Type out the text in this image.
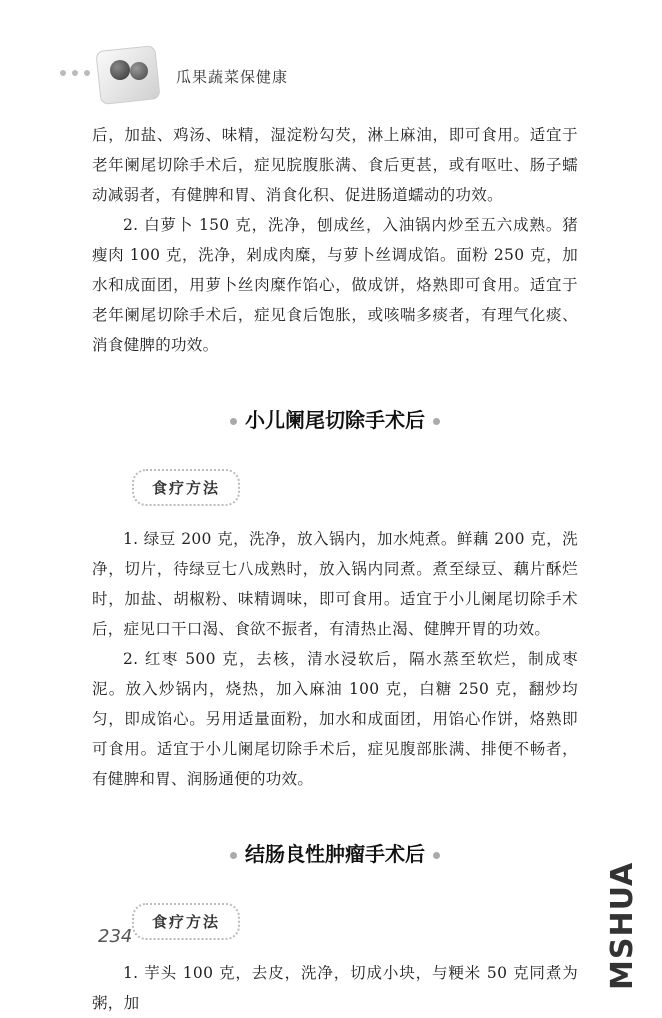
瓜果蔬菜保健康

后，加盐、鸡汤、味精，湿淀粉勾芡，淋上麻油，即可食用。适宜于老年阑尾切除手术后，症见脘腹胀满、食后更甚，或有呕吐、肠子蠕动减弱者，有健脾和胃、消食化积、促进肠道蠕动的功效。

2. 白萝卜 150 克，洗净，刨成丝，入油锅内炒至五六成熟。猪瘦肉 100 克，洗净，剁成肉糜，与萝卜丝调成馅。面粉 250 克，加水和成面团，用萝卜丝肉糜作馅心，做成饼，烙熟即可食用。适宜于老年阑尾切除手术后，症见食后饱胀，或咳喘多痰者，有理气化痰、消食健脾的功效。

小儿阑尾切除手术后
食疗方法

1. 绿豆 200 克，洗净，放入锅内，加水炖煮。鲜藕 200 克，洗净，切片，待绿豆七八成熟时，放入锅内同煮。煮至绿豆、藕片酥烂时，加盐、胡椒粉、味精调味，即可食用。适宜于小儿阑尾切除手术后，症见口干口渴、食欲不振者，有清热止渴、健脾开胃的功效。

2. 红枣 500 克，去核，清水浸软后，隔水蒸至软烂，制成枣泥。放入炒锅内，烧热，加入麻油 100 克，白糖 250 克，翻炒均匀，即成馅心。另用适量面粉，加水和成面团，用馅心作饼，烙熟即可食用。适宜于小儿阑尾切除手术后，症见腹部胀满、排便不畅者，有健脾和胃、润肠通便的功效。

结肠良性肿瘤手术后
食疗方法

1. 芋头 100 克，去皮，洗净，切成小块，与粳米 50 克同煮为粥，加

234	MSHUA
